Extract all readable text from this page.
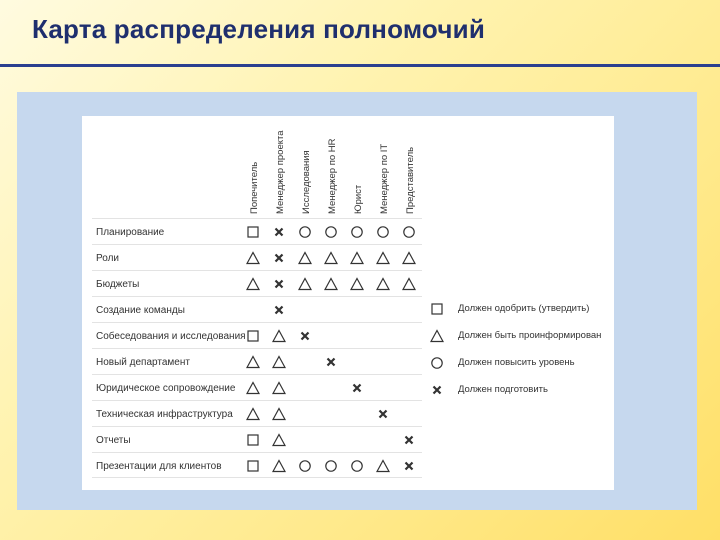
Карта распределения полномочий
Попечитель Менеджер проекта Исследования Менеджер по HR Юрист Менеджер по IT Представитель
Планирование
Роли
Бюджеты
Создание команды
Собеседования и исследования
Новый департамент
Юридическое сопровождение
Техническая инфраструктура
Отчеты
Презентации для клиентов
Должен одобрить (утвердить)
Должен быть проинформирован
Должен повысить уровень
Должен подготовить
